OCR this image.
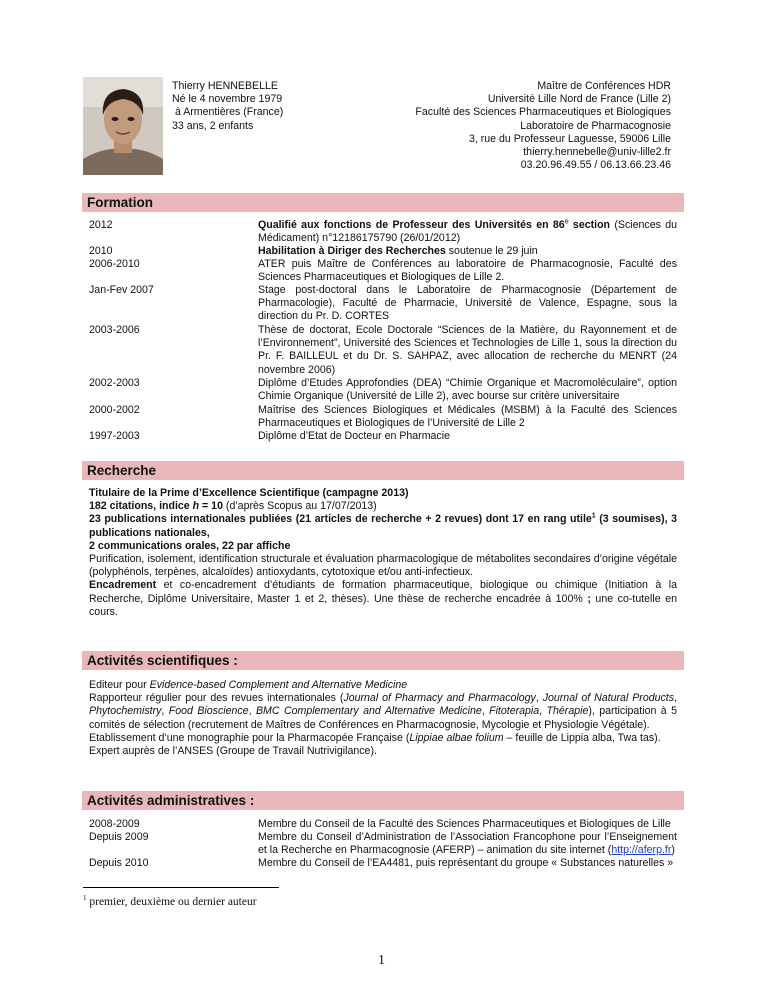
Thierry HENNEBELLE
Né le 4 novembre 1979
à Armentières (France)
33 ans, 2 enfants
Maître de Conférences HDR
Université Lille Nord de France (Lille 2)
Faculté des Sciences Pharmaceutiques et Biologiques
Laboratoire de Pharmacognosie
3, rue du Professeur Laguesse, 59006 Lille
thierry.hennebelle@univ-lille2.fr
03.20.96.49.55 / 06.13.66.23.46
Formation
2012	Qualifié aux fonctions de Professeur des Universités en 86e section (Sciences du Médicament) n°12186175790 (26/01/2012)
2010	Habilitation à Diriger des Recherches soutenue le 29 juin
2006-2010	ATER puis Maître de Conférences au laboratoire de Pharmacognosie, Faculté des Sciences Pharmaceutiques et Biologiques de Lille 2.
Jan-Fev 2007	Stage post-doctoral dans le Laboratoire de Pharmacognosie (Département de Pharmacologie), Faculté de Pharmacie, Université de Valence, Espagne, sous la direction du Pr. D. CORTES
2003-2006	Thèse de doctorat, Ecole Doctorale “Sciences de la Matière, du Rayonnement et de l’Environnement”, Université des Sciences et Technologies de Lille 1, sous la direction du Pr. F. BAILLEUL et du Dr. S. SAHPAZ, avec allocation de recherche du MENRT (24 novembre 2006)
2002-2003	Diplôme d’Etudes Approfondies (DEA) “Chimie Organique et Macromoléculaire”, option Chimie Organique (Université de Lille 2), avec bourse sur critère universitaire
2000-2002	Maîtrise des Sciences Biologiques et Médicales (MSBM) à la Faculté des Sciences Pharmaceutiques et Biologiques de l’Université de Lille 2
1997-2003	Diplôme d’Etat de Docteur en Pharmacie
Recherche
Titulaire de la Prime d’Excellence Scientifique (campagne 2013)
182 citations, indice h = 10 (d’après Scopus au 17/07/2013)
23 publications internationales publiées (21 articles de recherche + 2 revues) dont 17 en rang utile$^1$ (3 soumises), 3 publications nationales,
2 communications orales, 22 par affiche
Purification, isolement, identification structurale et évaluation pharmacologique de métabolites secondaires d’origine végétale (polyphénols, terpènes, alcaloïdes) antioxydants, cytotoxique et/ou anti-infectieux.
Encadrement et co-encadrement d’étudiants de formation pharmaceutique, biologique ou chimique (Initiation à la Recherche, Diplôme Universitaire, Master 1 et 2, thèses). Une thèse de recherche encadrée à 100% ; une co-tutelle en cours.
Activités scientifiques :
Editeur pour Evidence-based Complement and Alternative Medicine
Rapporteur régulier pour des revues internationales (Journal of Pharmacy and Pharmacology, Journal of Natural Products, Phytochemistry, Food Bioscience, BMC Complementary and Alternative Medicine, Fitoterapia, Thérapie), participation à 5 comités de sélection (recrutement de Maîtres de Conférences en Pharmacognosie, Mycologie et Physiologie Végétale).
Etablissement d’une monographie pour la Pharmacopée Française (Lippiae albae folium – feuille de Lippia alba, Twa tas).
Expert auprès de l’ANSES (Groupe de Travail Nutrivigilance).
Activités administratives :
2008-2009	Membre du Conseil de la Faculté des Sciences Pharmaceutiques et Biologiques de Lille
Depuis 2009	Membre du Conseil d’Administration de l’Association Francophone pour l’Enseignement et la Recherche en Pharmacognosie (AFERP) – animation du site internet (http://aferp.fr)
Depuis 2010	Membre du Conseil de l’EA4481, puis représentant du groupe « Substances naturelles »
$^1$ premier, deuxième ou dernier auteur
1
